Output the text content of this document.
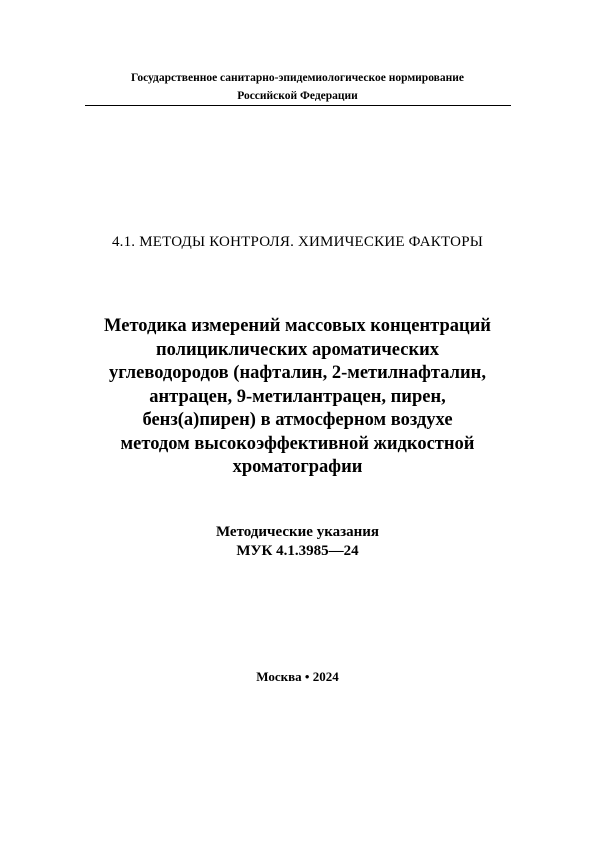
Государственное санитарно-эпидемиологическое нормирование
Российской Федерации
4.1. МЕТОДЫ КОНТРОЛЯ. ХИМИЧЕСКИЕ ФАКТОРЫ
Методика измерений массовых концентраций
полициклических ароматических
углеводородов (нафталин, 2-метилнафталин,
антрацен, 9-метилантрацен, пирен,
бенз(а)пирен) в атмосферном воздухе
методом высокоэффективной жидкостной
хроматографии
Методические указания
МУК 4.1.3985—24
Москва • 2024
